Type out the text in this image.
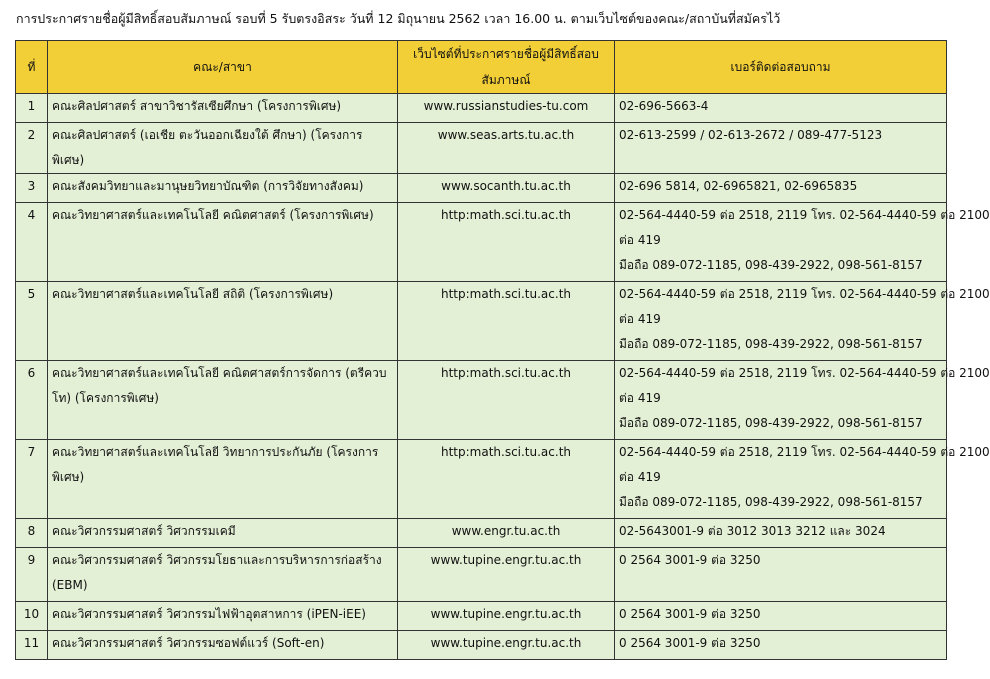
การประกาศรายชื่อผู้มีสิทธิ์สอบสัมภาษณ์ รอบที่ 5 รับตรงอิสระ วันที่ 12 มิถุนายน 2562 เวลา 16.00 น. ตามเว็บไซต์ของคณะ/สถาบันที่สมัครไว้
ที่	คณะ/สาขา	เว็บไซต์ที่ประกาศรายชื่อผู้มีสิทธิ์สอบสัมภาษณ์	เบอร์ติดต่อสอบถาม
1	คณะศิลปศาสตร์ สาขาวิชารัสเซียศึกษา (โครงการพิเศษ)	www.russianstudies-tu.com	02-696-5663-4

2	คณะศิลปศาสตร์ (เอเชีย ตะวันออกเฉียงใต้ ศึกษา) (โครงการพิเศษ)	www.seas.arts.tu.ac.th	02-613-2599 / 02-613-2672 / 089-477-5123

3	คณะสังคมวิทยาและมานุษยวิทยาบัณฑิต (การวิจัยทางสังคม)	www.socanth.tu.ac.th	02-696 5814, 02-6965821, 02-6965835

4	คณะวิทยาศาสตร์และเทคโนโลยี คณิตศาสตร์ (โครงการพิเศษ)	http:math.sci.tu.ac.th	02-564-4440-59 ต่อ 2518, 2119 โทร. 02-564-4440-59 ต่อ 2100
ต่อ 419
มือถือ 089-072-1185, 098-439-2922, 098-561-8157

5	คณะวิทยาศาสตร์และเทคโนโลยี สถิติ (โครงการพิเศษ)	http:math.sci.tu.ac.th	02-564-4440-59 ต่อ 2518, 2119 โทร. 02-564-4440-59 ต่อ 2100
ต่อ 419
มือถือ 089-072-1185, 098-439-2922, 098-561-8157

6	คณะวิทยาศาสตร์และเทคโนโลยี คณิตศาสตร์การจัดการ (ตรีควบโท) (โครงการพิเศษ)	http:math.sci.tu.ac.th	02-564-4440-59 ต่อ 2518, 2119 โทร. 02-564-4440-59 ต่อ 2100
ต่อ 419
มือถือ 089-072-1185, 098-439-2922, 098-561-8157

7	คณะวิทยาศาสตร์และเทคโนโลยี วิทยาการประกันภัย (โครงการพิเศษ)	http:math.sci.tu.ac.th	02-564-4440-59 ต่อ 2518, 2119 โทร. 02-564-4440-59 ต่อ 2100
ต่อ 419
มือถือ 089-072-1185, 098-439-2922, 098-561-8157

8	คณะวิศวกรรมศาสตร์ วิศวกรรมเคมี	www.engr.tu.ac.th	02-5643001-9 ต่อ 3012 3013 3212 และ 3024

9	คณะวิศวกรรมศาสตร์ วิศวกรรมโยธาและการบริหารการก่อสร้าง (EBM)	www.tupine.engr.tu.ac.th	0 2564 3001-9 ต่อ 3250

10	คณะวิศวกรรมศาสตร์ วิศวกรรมไฟฟ้าอุตสาหการ (iPEN-iEE)	www.tupine.engr.tu.ac.th	0 2564 3001-9 ต่อ 3250

11	คณะวิศวกรรมศาสตร์ วิศวกรรมซอฟต์แวร์ (Soft-en)	www.tupine.engr.tu.ac.th	0 2564 3001-9 ต่อ 3250
